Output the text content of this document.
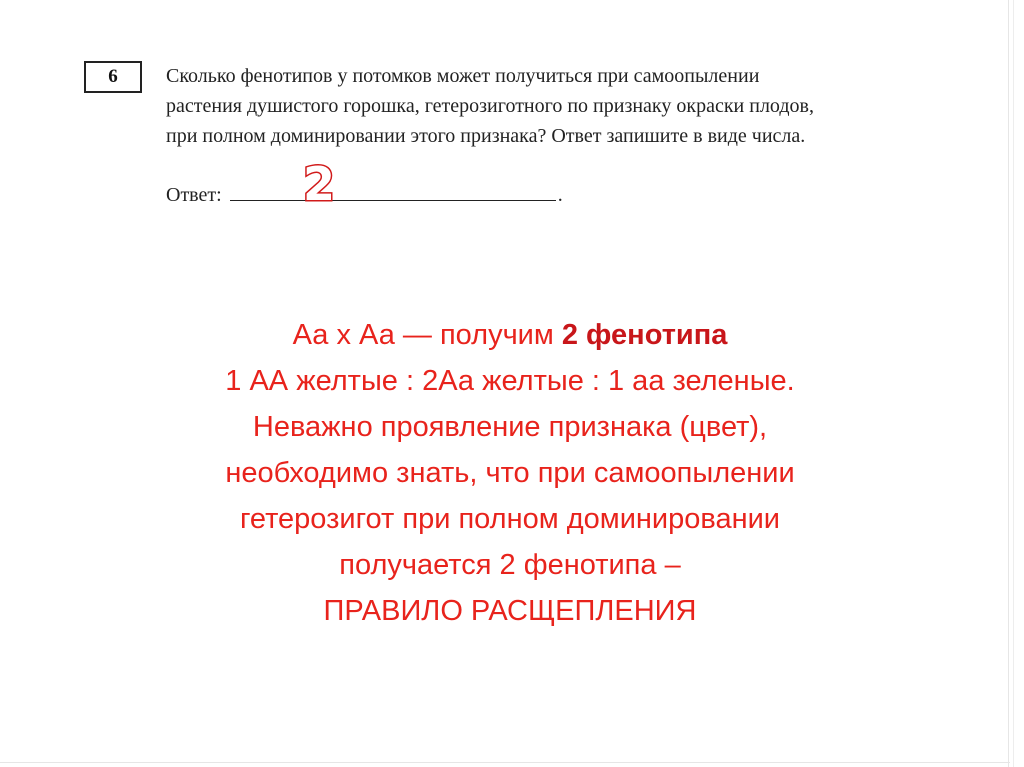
6	Сколько фенотипов у потомков может получиться при самоопылении
растения душистого горошка, гетерозиготного по признаку окраски плодов,
при полном доминировании этого признака? Ответ запишите в виде числа.
Ответ:	.
2
Аа х Аа — получим 2 фенотипа
1 АА желтые : 2Аа желтые : 1 аа зеленые.
Неважно проявление признака (цвет),
необходимо знать, что при самоопылении
гетерозигот при полном доминировании
получается 2 фенотипа –
ПРАВИЛО РАСЩЕПЛЕНИЯ
